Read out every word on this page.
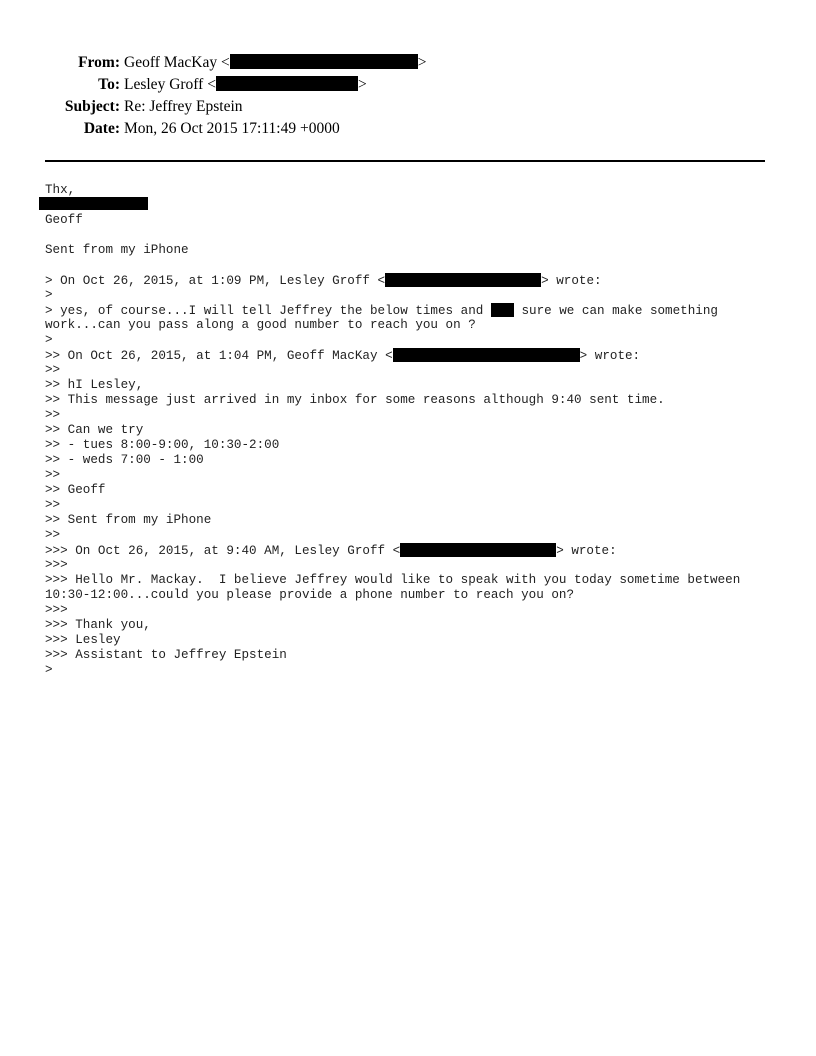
From: Geoff MacKay <	>
To: Lesley Groff <	>
Subject: Re: Jeffrey Epstein
Date: Mon, 26 Oct 2015 17:11:49 +0000
Thx,
Geoff
Sent from my iPhone
> On Oct 26, 2015, at 1:09 PM, Lesley Groff <	> wrote:
>
> yes, of course...I will tell Jeffrey the below times and  sure we can make something
work...can you pass along a good number to reach you on ?
>
>> On Oct 26, 2015, at 1:04 PM, Geoff MacKay <	> wrote:
>>
>> hI Lesley,
>> This message just arrived in my inbox for some reasons although 9:40 sent time.
>>
>> Can we try
>> - tues 8:00-9:00, 10:30-2:00
>> - weds 7:00 - 1:00
>>
>> Geoff
>>
>> Sent from my iPhone
>>
>>> On Oct 26, 2015, at 9:40 AM, Lesley Groff <	> wrote:
>>>
>>> Hello Mr. Mackay.  I believe Jeffrey would like to speak with you today sometime between
10:30-12:00...could you please provide a phone number to reach you on?
>>>
>>> Thank you,
>>> Lesley
>>> Assistant to Jeffrey Epstein
>
